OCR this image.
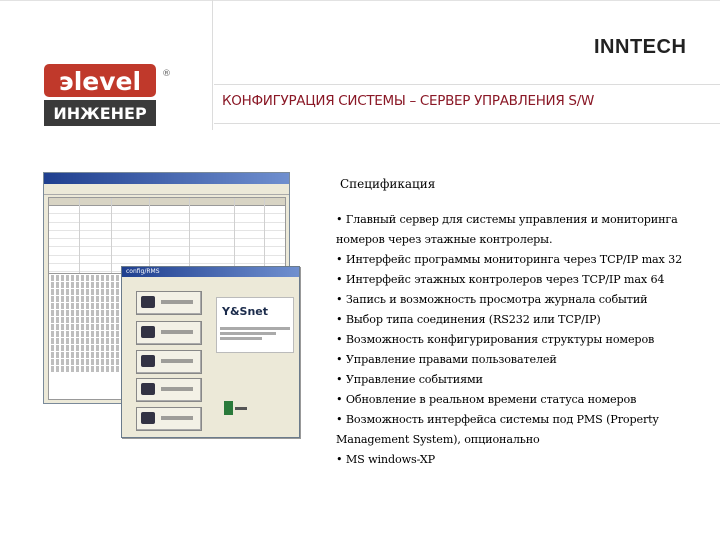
INNTECH
эlevel
ИНЖЕНЕР
®
КОНФИГУРАЦИЯ СИСТЕМЫ – СЕРВЕР УПРАВЛЕНИЯ S/W
config/RMS
Y&Snet
Спецификация
• Главный сервер для системы управления и мониторинга
номеров через этажные контролеры.
• Интерфейс программы мониторинга через TCP/IP max 32
• Интерфейс этажных контролеров через TCP/IP max 64
• Запись и возможность просмотра журнала событий
• Выбор типа соединения (RS232 или TCP/IP)
• Возможность конфигурирования структуры номеров
• Управление правами пользователей
• Управление событиями
• Обновление в реальном времени статуса номеров
• Возможность интерфейса системы под PMS (Property
Management System), опционально
• MS windows-XP
